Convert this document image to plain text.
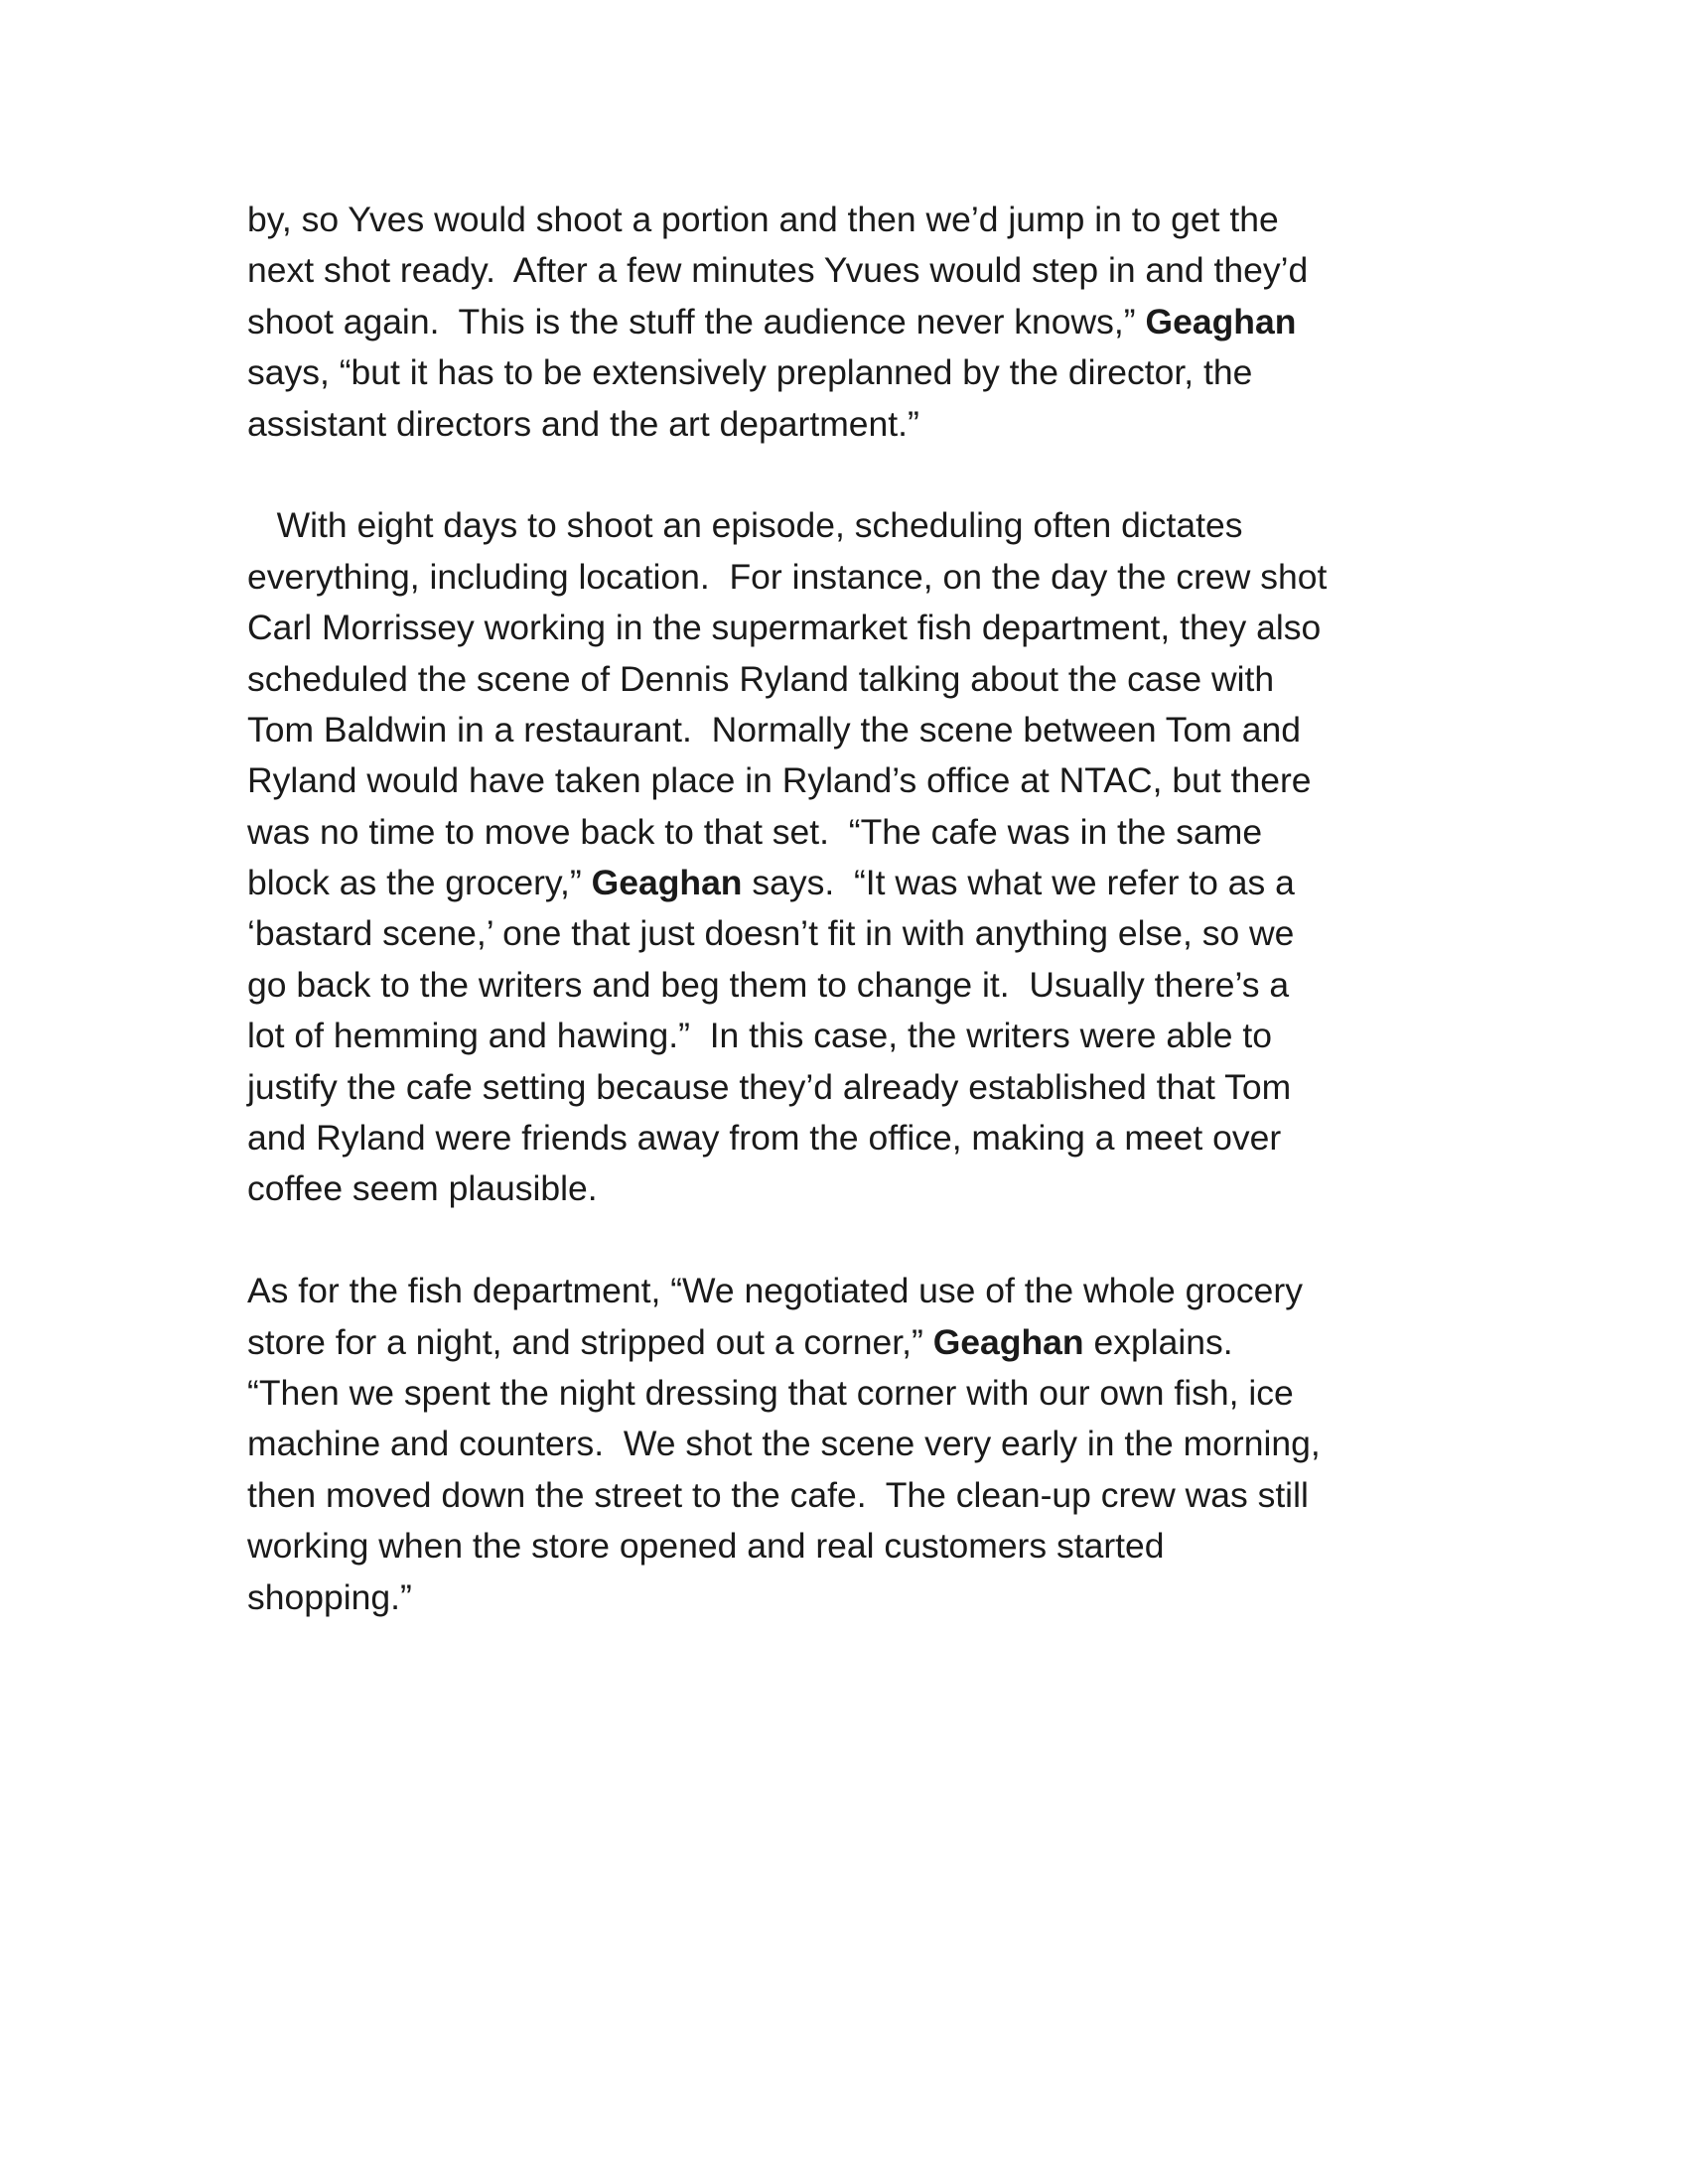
by, so Yves would shoot a portion and then we’d jump in to get the
next shot ready.  After a few minutes Yvues would step in and they’d
shoot again.  This is the stuff the audience never knows,” Geaghan
says, “but it has to be extensively preplanned by the director, the
assistant directors and the art department.”
With eight days to shoot an episode, scheduling often dictates
everything, including location.  For instance, on the day the crew shot
Carl Morrissey working in the supermarket fish department, they also
scheduled the scene of Dennis Ryland talking about the case with
Tom Baldwin in a restaurant.  Normally the scene between Tom and
Ryland would have taken place in Ryland’s office at NTAC, but there
was no time to move back to that set.  “The cafe was in the same
block as the grocery,” Geaghan says.  “It was what we refer to as a
‘bastard scene,’ one that just doesn’t fit in with anything else, so we
go back to the writers and beg them to change it.  Usually there’s a
lot of hemming and hawing.”  In this case, the writers were able to
justify the cafe setting because they’d already established that Tom
and Ryland were friends away from the office, making a meet over
coffee seem plausible.
As for the fish department, “We negotiated use of the whole grocery
store for a night, and stripped out a corner,” Geaghan explains.
“Then we spent the night dressing that corner with our own fish, ice
machine and counters.  We shot the scene very early in the morning,
then moved down the street to the cafe.  The clean-up crew was still
working when the store opened and real customers started
shopping.”
